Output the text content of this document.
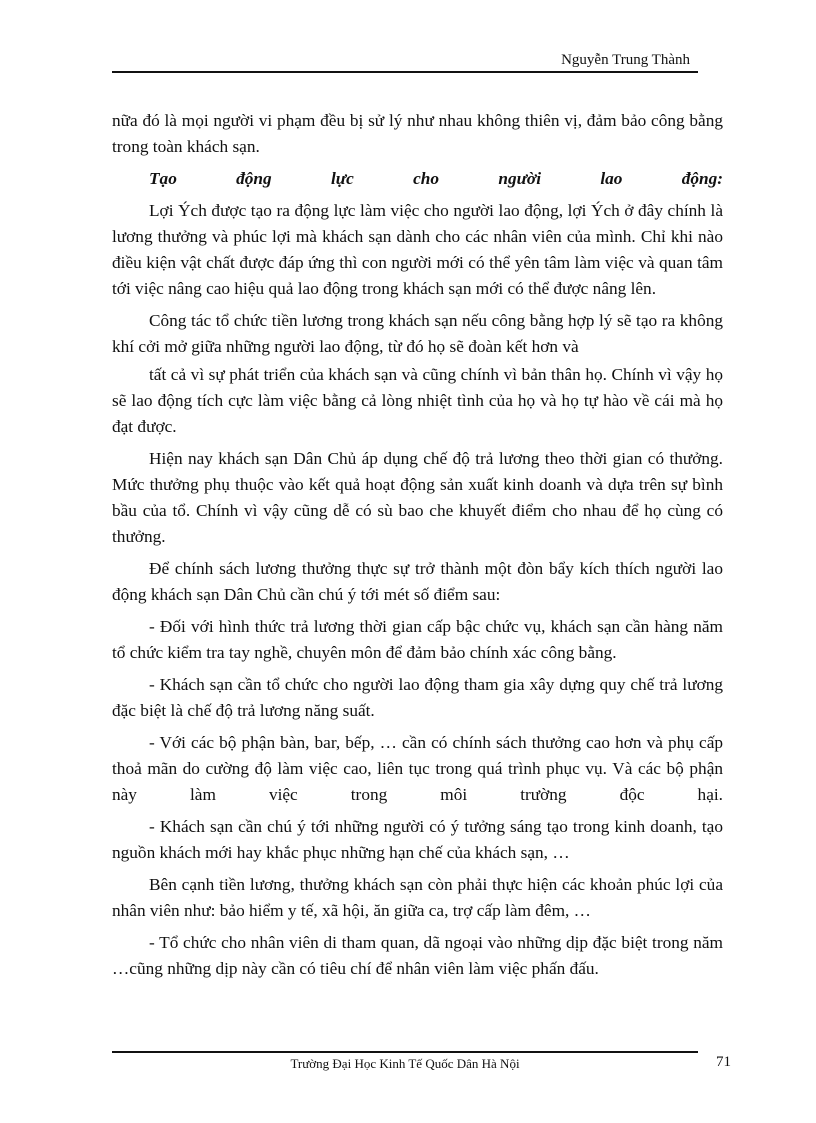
Nguyễn Trung Thành

nữa đó là mọi người vi phạm đều bị sử lý như nhau không thiên vị, đảm bảo công bằng trong toàn khách sạn.

Tạo	động	lực	cho	người	lao	động:

Lợi Ých được tạo ra động lực làm việc cho người lao động, lợi Ých ở đây chính là lương thưởng và phúc lợi mà khách sạn dành cho các nhân viên của mình. Chỉ khi nào điều kiện vật chất được đáp ứng thì con người mới có thể yên tâm làm việc và quan tâm tới việc nâng cao hiệu quả lao động trong khách sạn mới có thể được nâng lên.

Công tác tổ chức tiền lương trong khách sạn nếu công bằng hợp lý sẽ tạo ra không khí cởi mở giữa những người lao động, từ đó họ sẽ đoàn kết hơn và

tất cả vì sự phát triển của khách sạn và cũng chính vì bản thân họ. Chính vì vậy họ sẽ lao động tích cực làm việc bằng cả lòng nhiệt tình của họ và họ tự hào về cái mà họ đạt được.

Hiện nay khách sạn Dân Chủ áp dụng chế độ trả lương theo thời gian có thưởng. Mức thưởng phụ thuộc vào kết quả hoạt động sản xuất kinh doanh và dựa trên sự bình bầu của tổ. Chính vì vậy cũng dễ có sù bao che khuyết điểm cho nhau để họ cùng có thưởng.

Để chính sách lương thưởng thực sự trở thành một đòn bẩy kích thích người lao động khách sạn Dân Chủ cần chú ý tới mét số điểm sau:

- Đối với hình thức trả lương thời gian cấp bậc chức vụ, khách sạn cần hàng năm tổ chức kiểm tra tay nghề, chuyên môn để đảm bảo chính xác công bằng.

- Khách sạn cần tổ chức cho người lao động tham gia xây dựng quy chế trả lương đặc biệt là chế độ trả lương năng suất.

- Với các bộ phận bàn, bar, bếp, … cần có chính sách thưởng cao hơn và phụ cấp thoả mãn do cường độ làm việc cao, liên tục trong quá trình phục vụ. Và các bộ phận này làm việc trong môi trường độc hại.

- Khách sạn cần chú ý tới những người có ý tưởng sáng tạo trong kinh doanh, tạo nguồn khách mới hay khắc phục những hạn chế của khách sạn, …

Bên cạnh tiền lương, thưởng khách sạn còn phải thực hiện các khoản phúc lợi của nhân viên như: bảo hiểm y tế, xã hội, ăn giữa ca, trợ cấp làm đêm, …

- Tổ chức cho nhân viên di tham quan, dã ngoại vào những dịp đặc biệt trong năm …cũng những dịp này cần có tiêu chí để nhân viên làm việc phấn đấu.

Trường Đại Học Kinh Tế Quốc Dân Hà Nội	71
